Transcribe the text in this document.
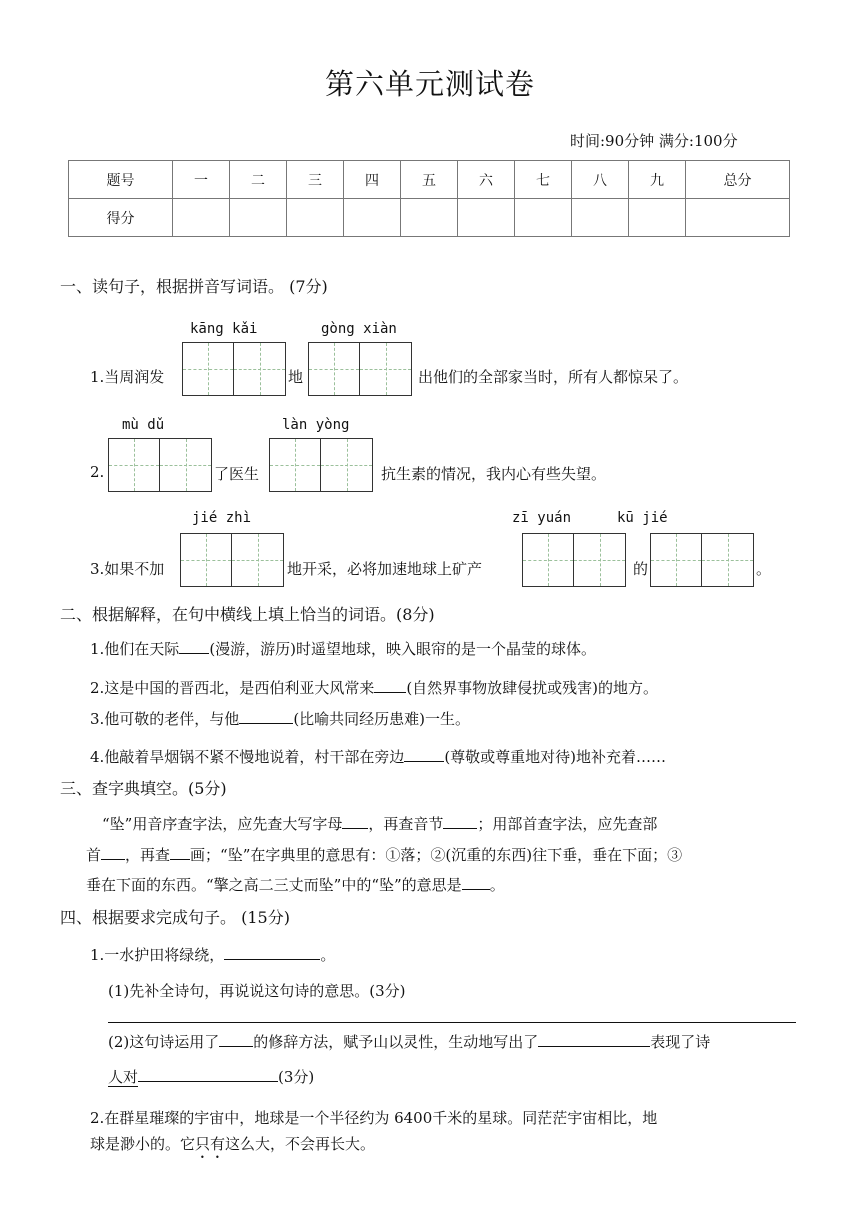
第六单元测试卷
时间:90分钟 满分:100分
题号	一	二	三	四	五	六	七	八	九	总分
得分										
一、读句子，根据拼音写词语。 (7分)
kāng kǎi	gòng xiàn
1.当周润发	地	出他们的全部家当时，所有人都惊呆了。
mù dǔ	làn yòng
2.	了医生	抗生素的情况，我内心有些失望。
jié zhì	zī yuán	kū jié
3.如果不加	地开采，必将加速地球上矿产	的	。
二、根据解释，在句中横线上填上恰当的词语。(8分)
1.他们在天际 (漫游，游历)时遥望地球，映入眼帘的是一个晶莹的球体。
2.这是中国的晋西北，是西伯利亚大风常来 (自然界事物放肆侵扰或残害)的地方。
3.他可敬的老伴，与他	(比喻共同经历患难)一生。
4.他敲着旱烟锅不紧不慢地说着，村干部在旁边	(尊敬或尊重地对待)地补充着……
三、查字典填空。(5分)
“坠”用音序查字法，应先查大写字母 ，再查音节 ；用部首查字法，应先查部
首 ，再查 画；“坠”在字典里的意思有：①落；②(沉重的东西)往下垂，垂在下面；③
垂在下面的东西。“擎之高二三丈而坠”中的“坠”的意思是 。
四、根据要求完成句子。 (15分)
1.一水护田将绿绕，	。
(1)先补全诗句，再说说这句诗的意思。(3分)
(2)这句诗运用了 的修辞方法，赋予山以灵性，生动地写出了	表现了诗
人对	(3分)
2.在群星璀璨的宇宙中，地球是一个半径约为 6400千米的星球。同茫茫宇宙相比，地
球是渺小的。它只有这么大，不会再长大。
